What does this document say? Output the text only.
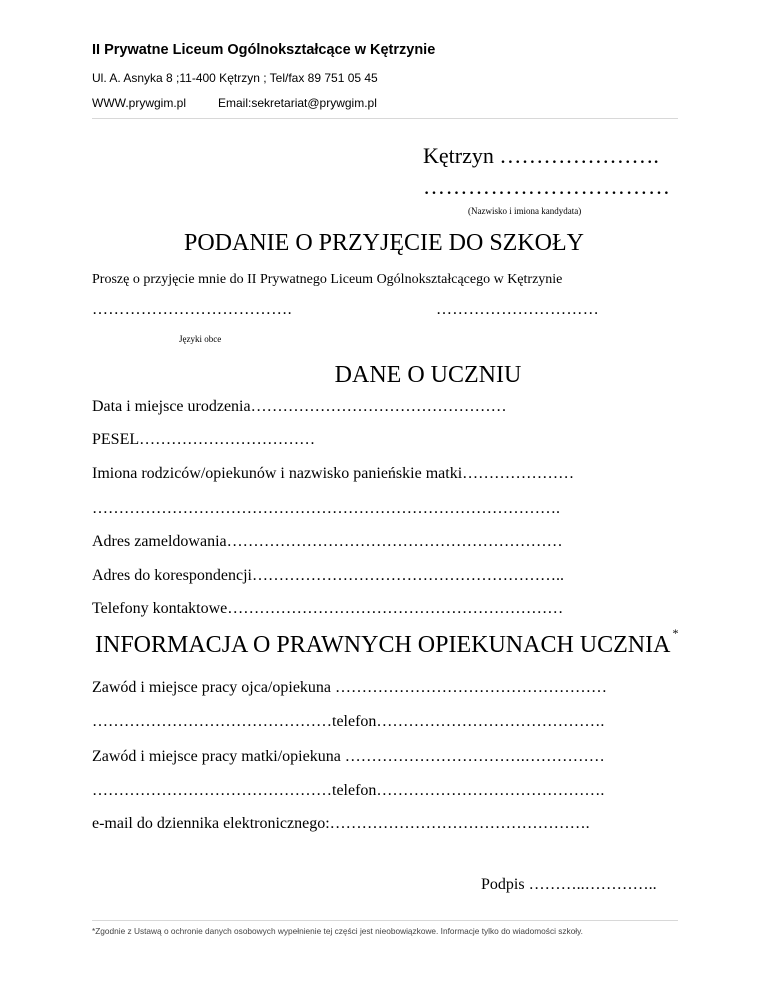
II Prywatne Liceum Ogólnokształcące w Kętrzynie
Ul. A. Asnyka 8 ;11-400 Kętrzyn ; Tel/fax 89 751 05 45
WWW.prywgim.pl	Email:sekretariat@prywgim.pl
Kętrzyn ………………….
……………………………
(Nazwisko i imiona kandydata)
PODANIE O PRZYJĘCIE DO SZKOŁY
Proszę o przyjęcie mnie do II Prywatnego Liceum Ogólnokształcącego w Kętrzynie
……………………………….	…………………………
Języki obce
DANE O UCZNIU
Data i miejsce urodzenia…………………………………………
PESEL……………………………
Imiona rodziców/opiekunów i nazwisko panieńskie matki…………………
…………………………………………………………………………….
Adres zameldowania………………………………………………………
Adres do korespondencji…………………………………………………..
Telefony kontaktowe………………………………………………………
INFORMACJA O PRAWNYCH OPIEKUNACH UCZNIA *
Zawód i miejsce pracy ojca/opiekuna ……………………………………………
………………………………………telefon…………………………………….
Zawód i miejsce pracy matki/opiekuna …………………………….……………
………………………………………telefon…………………………………….
e-mail do dziennika elektronicznego:………………………………………….
Podpis ………..…………..
*Zgodnie z Ustawą o ochronie danych osobowych wypełnienie tej części jest nieobowiązkowe. Informacje tylko do wiadomości szkoły.
